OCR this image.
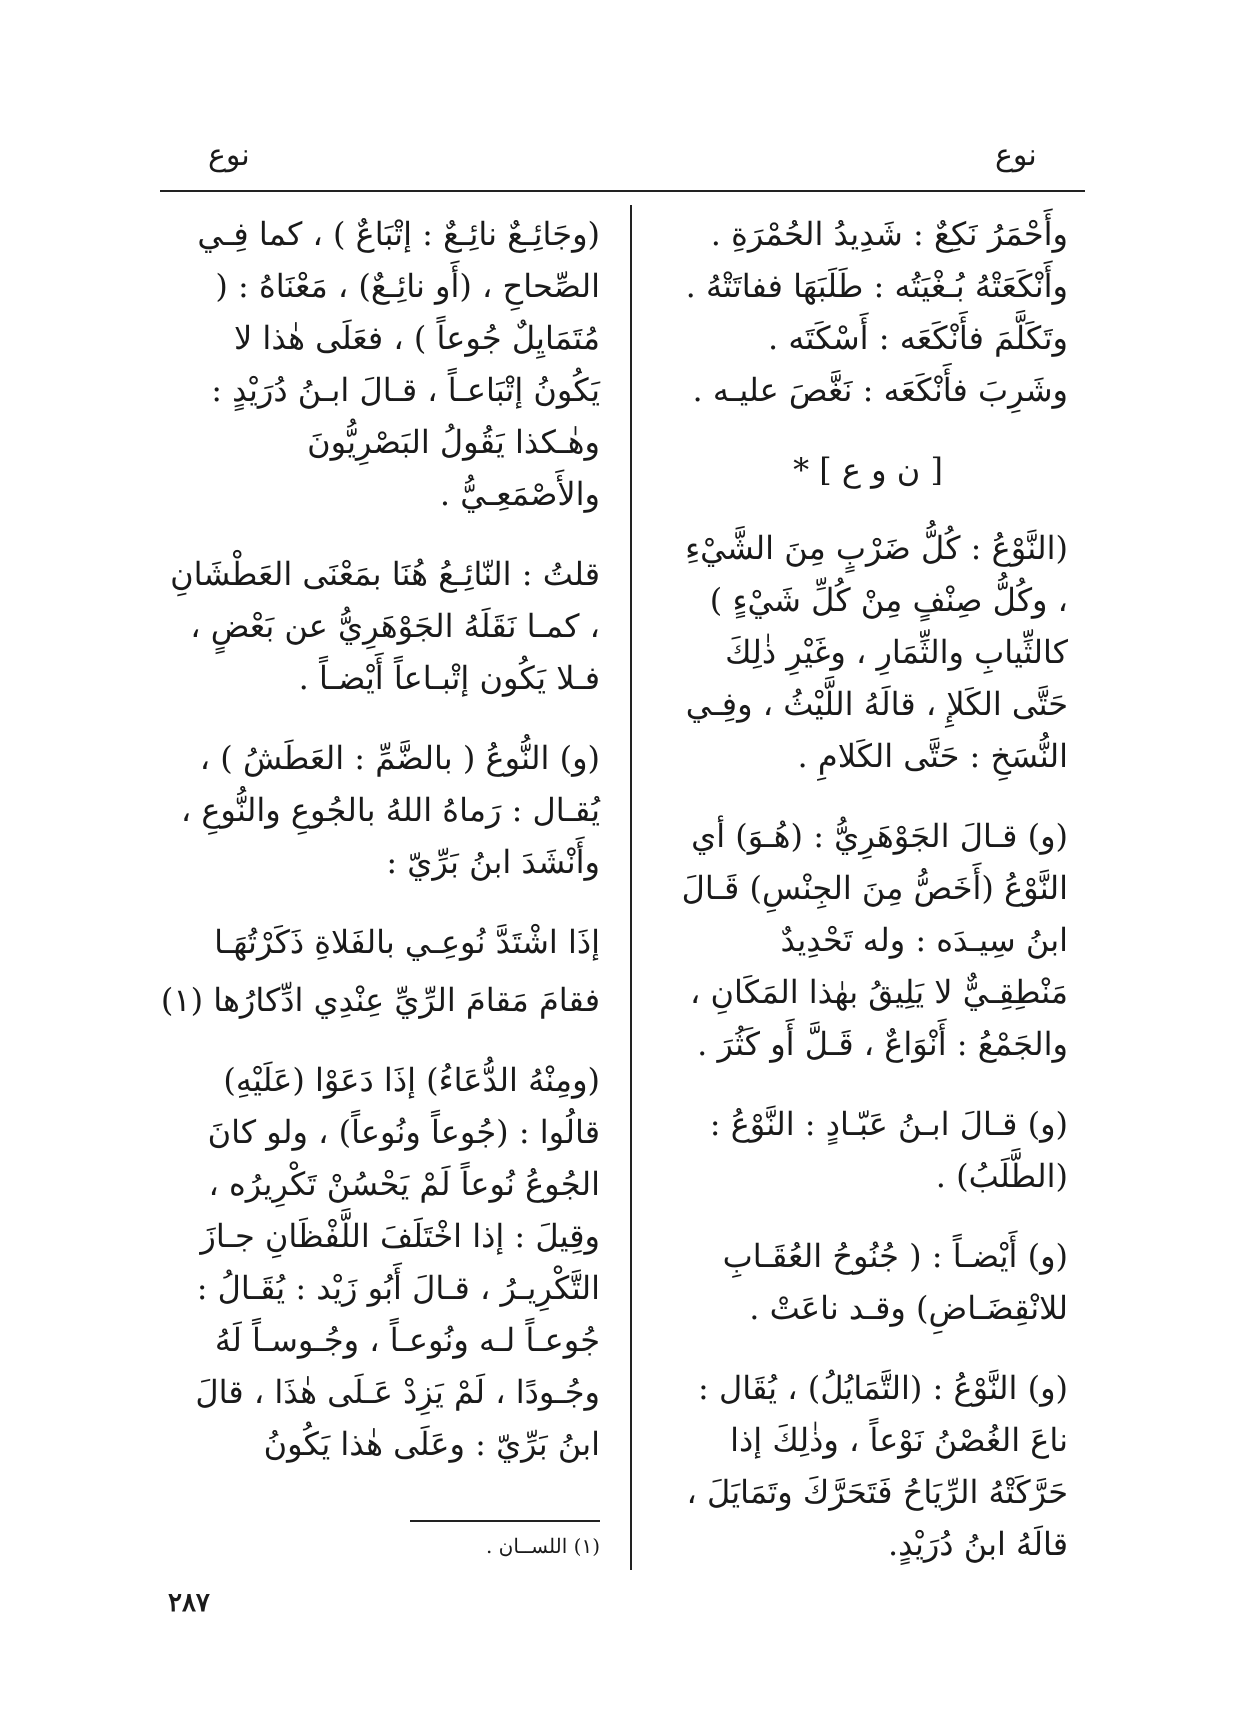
نوع
نوع

وأَحْمَرُ نَكِعٌ : شَدِيدُ الحُمْرَةِ .

وأَنْكَعَتْهُ بُـغْيَتُه : طَلَبَهَا ففاتَتْهُ .

وتَكَلَّمَ فأَنْكَعَه : أَسْكَتَه .

وشَرِبَ فأَنْكَعَه : نَغَّصَ عليـه .

[ ن و ع ] *

(النَّوْعُ : كُلُّ ضَرْبٍ مِنَ الشَّيْءِ ، وكُلُّ صِنْفٍ مِنْ كُلِّ شَيْءٍ ) كالثِّيابِ والثِّمَارِ ، وغَيْرِ ذٰلِكَ حَتَّى الكَلإِ ، قالَهُ اللَّيْثُ ، وفِـي النُّسَخِ : حَتَّى الكَلامِ .

(و) قـالَ الجَوْهَرِيُّ : (هُـوَ) أي النَّوْعُ (أَخَصُّ مِنَ الجِنْسِ) قَـالَ ابنُ سِيـدَه : وله تَحْدِيدٌ مَنْطِقِـيٌّ لا يَلِيقُ بهٰذا المَكَانِ ، والجَمْعُ : أَنْوَاعٌ ، قَـلَّ أَو كَثُرَ .

(و) قـالَ ابـنُ عَبّـادٍ : النَّوْعُ : (الطَّلَبُ) .

(و) أَيْضـاً : ( جُنُوحُ العُقَـابِ للانْقِضَـاضِ) وقـد ناعَتْ .

(و) النَّوْعُ : (التَّمَايُلُ) ، يُقَال : ناعَ الغُصْنُ نَوْعاً ، وذٰلِكَ إذا حَرَّكَتْهُ الرِّيَاحُ فَتَحَرَّكَ وتَمَايَلَ ، قالَهُ ابنُ دُرَيْدٍ.

(وجَائِـعٌ نائِـعٌ : إتْبَاعٌ ) ، كما فِـي الصِّحاحِ ، (أَو نائِـعٌ) ، مَعْنَاهُ : ( مُتَمَايِلٌ جُوعاً ) ، فعَلَى هٰذا لا يَكُونُ إتْبَاعـاً ، قـالَ ابـنُ دُرَيْدٍ : وهٰـكذا يَقُولُ البَصْرِيُّونَ والأَصْمَعِـيُّ .

قلتُ : النّائِـعُ هُنَا بمَعْنَى العَطْشَانِ ، كمـا نَقَلَهُ الجَوْهَرِيُّ عن بَعْضٍ ، فـلا يَكُون إتْبـاعاً أَيْضـاً .

(و) النُّوعُ ( بالضَّمِّ : العَطَشُ ) ، يُقـال : رَماهُ اللهُ بالجُوعِ والنُّوعِ ، وأَنْشَدَ ابنُ بَرِّيّ :

إذَا اشْتَدَّ نُوعِـي بالفَلاةِ ذَكَرْتُهَـا

فقامَ مَقامَ الرِّيِّ عِنْدِي ادِّكارُها (١)

(ومِنْهُ الدُّعَاءُ) إذَا دَعَوْا (عَلَيْهِ) قالُوا : (جُوعاً ونُوعاً) ، ولو كانَ الجُوعُ نُوعاً لَمْ يَحْسُنْ تَكْرِيرُه ، وقِيلَ : إذا اخْتَلَفَ اللَّفْظَانِ جـازَ التَّكْرِيـرُ ، قـالَ أَبُو زَيْد : يُقَـالُ : جُوعـاً لـه ونُوعـاً ، وجُـوسـاً لَهُ وجُـودًا ، لَمْ يَزِدْ عَـلَى هٰذَا ، قالَ ابنُ بَرِّيّ : وعَلَى هٰذا يَكُونُ

(١) اللســان .
٢٨٧
